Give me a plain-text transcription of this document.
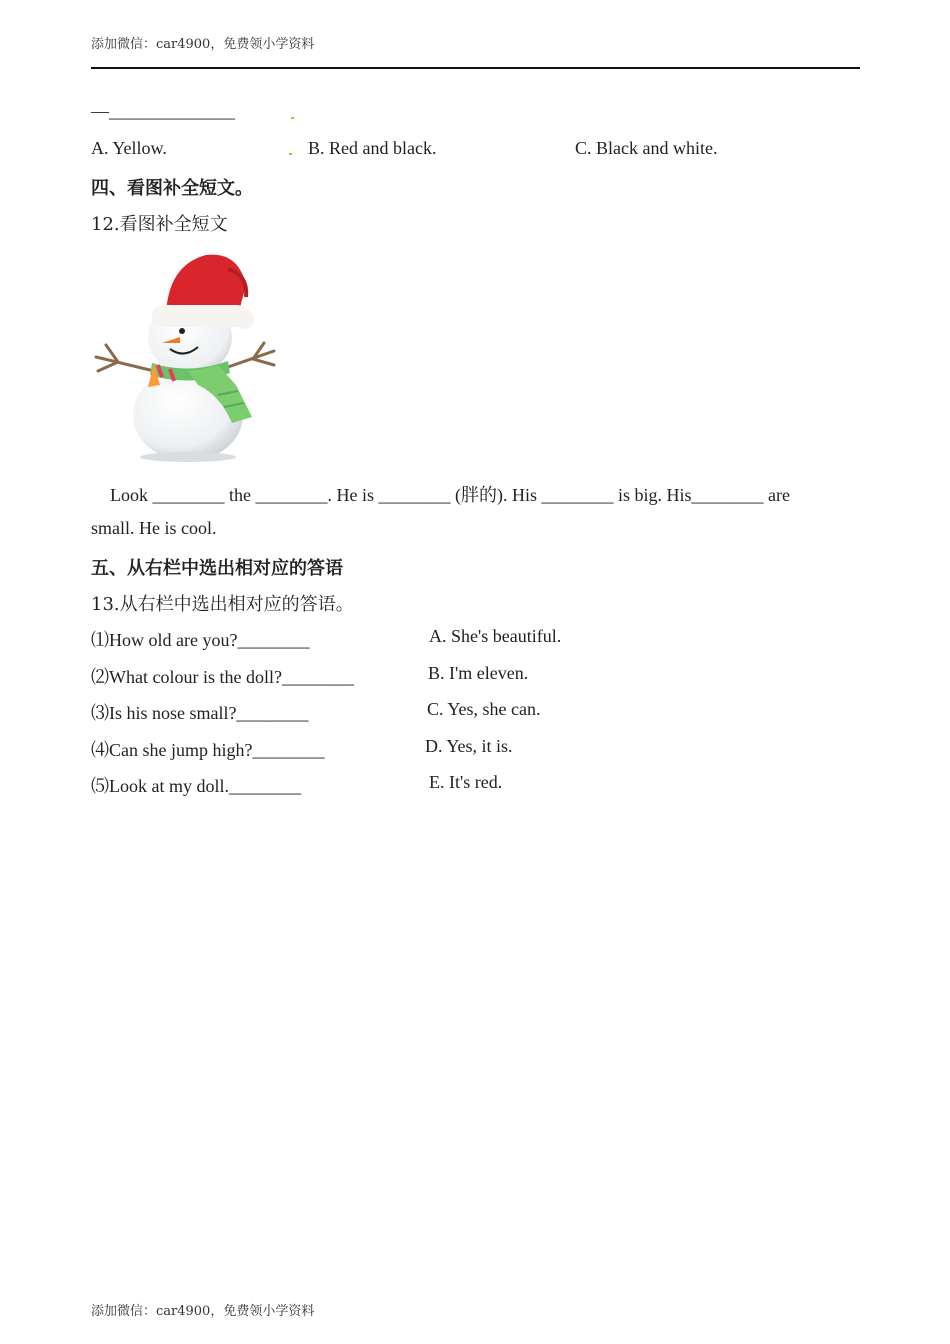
添加微信：car4900，免费领小学资料
—______________
A. Yellow.	B. Red and black.	C. Black and white.
四、看图补全短文。
12.看图补全短文
Look ________ the ________. He is ________ (胖的). His ________ is big. His________ are
small. He is cool.
五、从右栏中选出相对应的答语
13.从右栏中选出相对应的答语。
⑴How old are you?________
⑵What colour is the doll?________
⑶Is his nose small?________
⑷Can she jump high?________
⑸Look at my doll.________
A. She's beautiful.
B. I'm eleven.
C. Yes, she can.
D. Yes, it is.
E. It's red.
添加微信：car4900，免费领小学资料
